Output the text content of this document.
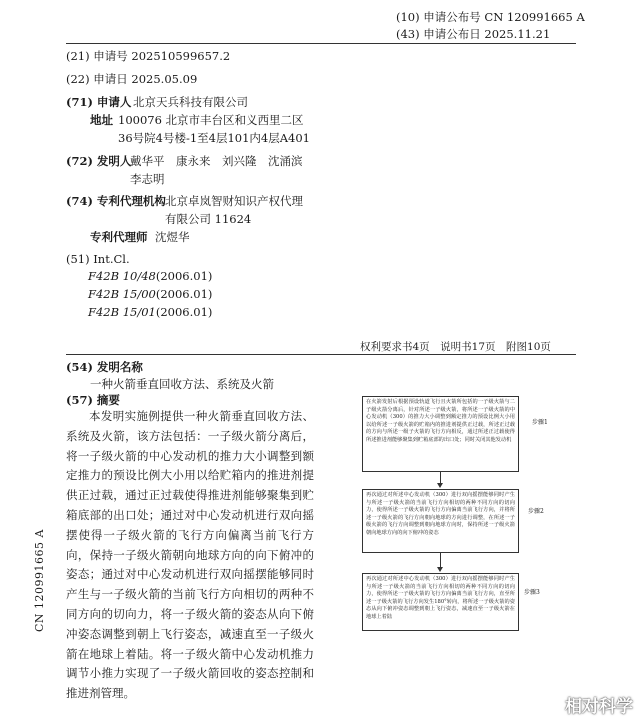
(10) 申请公布号 CN 120991665 A
(43) 申请公布日 2025.11.21
(21) 申请号 202510599657.2
(22) 申请日 2025.05.09
(71) 申请人 北京天兵科技有限公司
地址 100076 北京市丰台区和义西里二区
36号院4号楼-1至4层101内4层A401
(72) 发明人
戴华平　康永来　刘兴隆　沈涌滨
李志明
(74) 专利代理机构 北京卓岚智财知识产权代理
有限公司 11624
专利代理师 沈煜华
(51) Int.Cl.
F42B 10/48(2006.01)
F42B 15/00(2006.01)
F42B 15/01(2006.01)
权利要求书4页　说明书17页　附图10页
(54) 发明名称
一种火箭垂直回收方法、系统及火箭
(57) 摘要
本发明实施例提供一种火箭垂直回收方法、系统及火箭，该方法包括：一子级火箭分离后，将一子级火箭的中心发动机的推力大小调整到额定推力的预设比例大小用以给贮箱内的推进剂提供正过载，通过正过载使得推进剂能够聚集到贮箱底部的出口处；通过对中心发动机进行双向摇摆使得一子级火箭的飞行方向偏离当前飞行方向，保持一子级火箭朝向地球方向的向下俯冲的姿态；通过对中心发动机进行双向摇摆能够同时产生与一子级火箭的当前飞行方向相切的两种不同方向的切向力，将一子级火箭的姿态从向下俯冲姿态调整到朝上飞行姿态，减速直至一子级火箭在地球上着陆。将一子级火箭中心发动机推力调节小推力实现了一子级火箭回收的姿态控制和推进剂管理。
CN 120991665 A
在火箭发射后根据预设轨道飞行且火箭所包括的一子级火箭与二子级火箭分离后，针对所述一子级火箭，将所述一子级火箭的中心发动机（300）的推力大小调整到额定推力的预设比例大小用以给所述一子级火箭的贮箱内的推进剂提供正过载，所述正过载的方向与所述一级子火箭的飞行方向相反，通过所述正过载使得所述推进剂能够聚集到贮箱底部的出口处；同时关闭其他发动机
步骤1
再次通过对所述中心发动机（300）进行双向摇摆能够同时产生与所述一子级火箭的当前飞行方向相切的两种不同方向的切向力，使得所述一子级火箭的飞行方向偏离当前飞行方向，并将所述一子级火箭的飞行方向朝向地球的方向进行调整，在所述一子级火箭的飞行方向调整到朝向地球方向时，保持所述一子级火箭朝向地球方向的向下俯冲的姿态
步骤2
再次通过对所述中心发动机（300）进行双向摇摆能够同时产生与所述一子级火箭的当前飞行方向相切的两种不同方向的切向力，使得所述一子级火箭的飞行方向偏离当前飞行方向，直至所述一子级火箭的飞行方向发生180°转向，将所述一子级火箭的姿态从向下俯冲姿态调整到朝上飞行姿态，减速直至一子级火箭在地球上着陆
步骤3
相对科学
